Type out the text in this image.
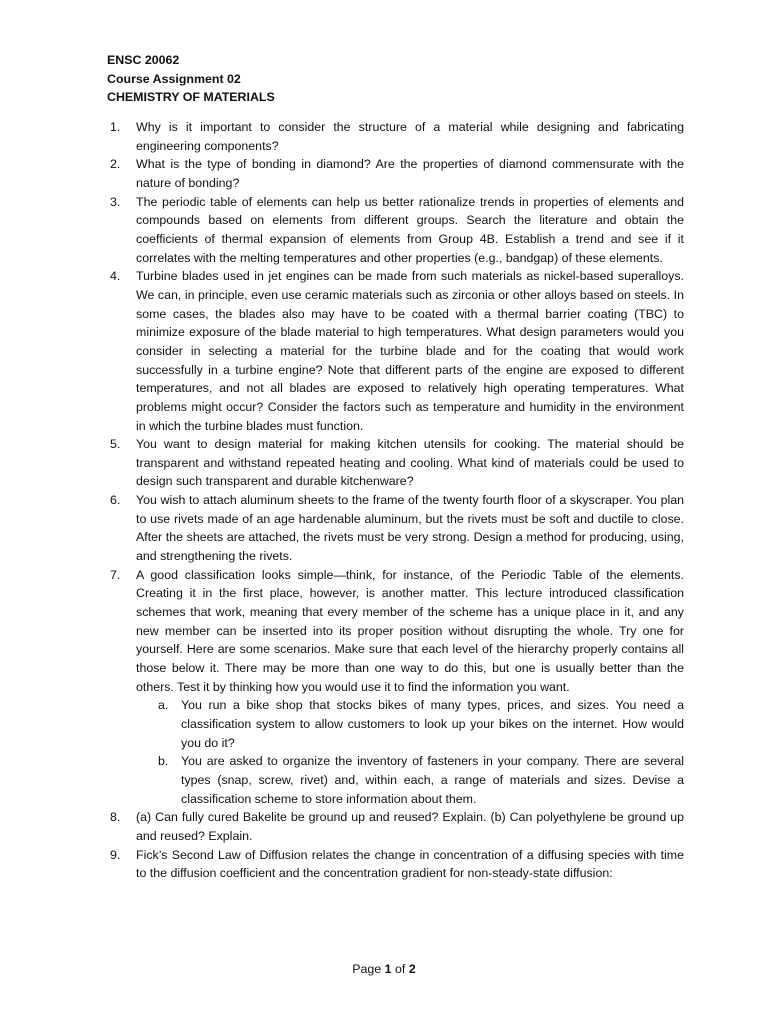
ENSC 20062
Course Assignment 02
CHEMISTRY OF MATERIALS
1. Why is it important to consider the structure of a material while designing and fabricating engineering components?
2. What is the type of bonding in diamond? Are the properties of diamond commensurate with the nature of bonding?
3. The periodic table of elements can help us better rationalize trends in properties of elements and compounds based on elements from different groups. Search the literature and obtain the coefficients of thermal expansion of elements from Group 4B. Establish a trend and see if it correlates with the melting temperatures and other properties (e.g., bandgap) of these elements.
4. Turbine blades used in jet engines can be made from such materials as nickel-based superalloys. We can, in principle, even use ceramic materials such as zirconia or other alloys based on steels. In some cases, the blades also may have to be coated with a thermal barrier coating (TBC) to minimize exposure of the blade material to high temperatures. What design parameters would you consider in selecting a material for the turbine blade and for the coating that would work successfully in a turbine engine? Note that different parts of the engine are exposed to different temperatures, and not all blades are exposed to relatively high operating temperatures. What problems might occur? Consider the factors such as temperature and humidity in the environment in which the turbine blades must function.
5. You want to design material for making kitchen utensils for cooking. The material should be transparent and withstand repeated heating and cooling. What kind of materials could be used to design such transparent and durable kitchenware?
6. You wish to attach aluminum sheets to the frame of the twenty fourth floor of a skyscraper. You plan to use rivets made of an age hardenable aluminum, but the rivets must be soft and ductile to close. After the sheets are attached, the rivets must be very strong. Design a method for producing, using, and strengthening the rivets.
7. A good classification looks simple—think, for instance, of the Periodic Table of the elements. Creating it in the first place, however, is another matter. This lecture introduced classification schemes that work, meaning that every member of the scheme has a unique place in it, and any new member can be inserted into its proper position without disrupting the whole. Try one for yourself. Here are some scenarios. Make sure that each level of the hierarchy properly contains all those below it. There may be more than one way to do this, but one is usually better than the others. Test it by thinking how you would use it to find the information you want.
a. You run a bike shop that stocks bikes of many types, prices, and sizes. You need a classification system to allow customers to look up your bikes on the internet. How would you do it?
b. You are asked to organize the inventory of fasteners in your company. There are several types (snap, screw, rivet) and, within each, a range of materials and sizes. Devise a classification scheme to store information about them.
8. (a) Can fully cured Bakelite be ground up and reused? Explain. (b) Can polyethylene be ground up and reused? Explain.
9. Fick’s Second Law of Diffusion relates the change in concentration of a diffusing species with time to the diffusion coefficient and the concentration gradient for non-steady-state diffusion:
Page 1 of 2
